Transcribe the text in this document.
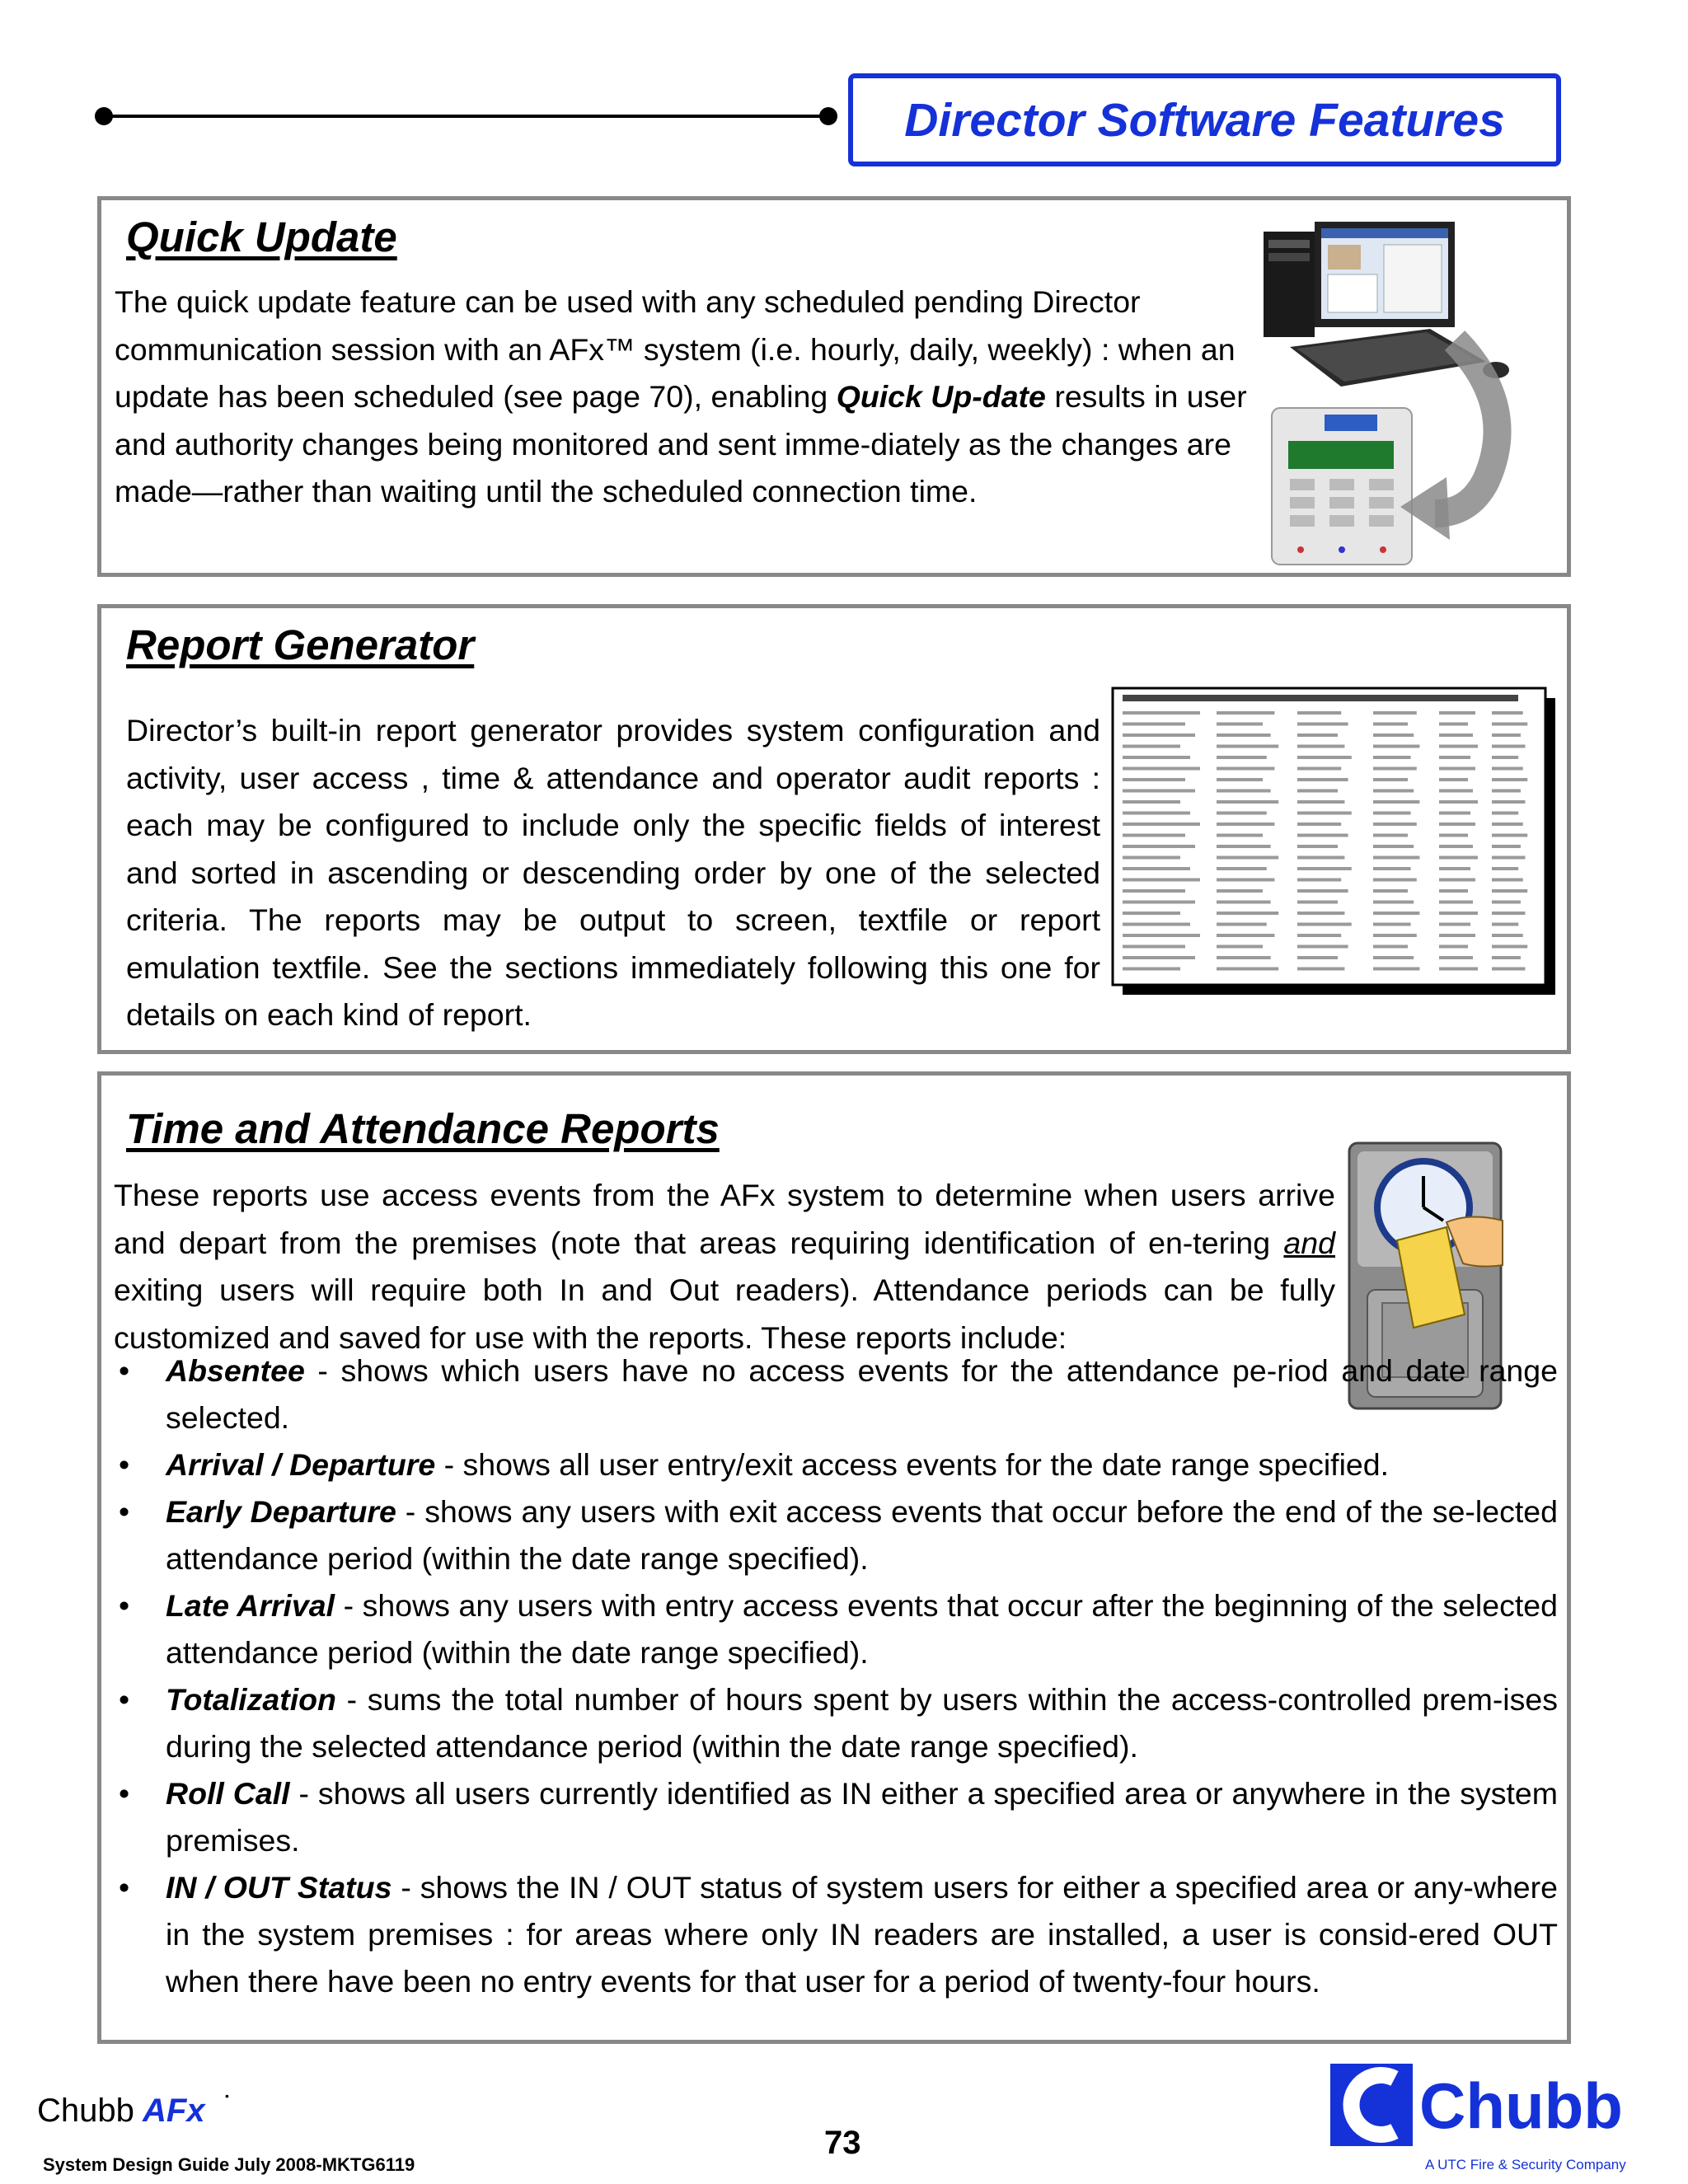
Director Software Features
Quick Update
The quick update feature can be used with any scheduled pending Director communication session with an AFx™ system (i.e. hourly, daily, weekly) : when an update has been scheduled (see page 70), enabling Quick Up-date results in user and authority changes being monitored and sent imme-diately as the changes are made—rather than waiting until the scheduled connection time.
Report Generator
Director’s built-in report generator provides system configuration and activity, user access , time & attendance and operator audit reports : each may be configured to include only the specific fields of interest and sorted in ascending or descending order by one of the selected criteria. The reports may be output to screen, textfile or report emulation textfile. See the sections immediately following this one for details on each kind of report.
Time and Attendance Reports
These reports use access events from the AFx system to determine when users arrive and depart from the premises (note that areas requiring identification of en-tering and exiting users will require both In and Out readers). Attendance periods can be fully customized and saved for use with the reports. These reports include:
• Absentee - shows which users have no access events for the attendance pe-riod and date range selected.
• Arrival / Departure - shows all user entry/exit access events for the date range specified.
• Early Departure - shows any users with exit access events that occur before the end of the se-lected attendance period (within the date range specified).
• Late Arrival - shows any users with entry access events that occur after the beginning of the selected attendance period (within the date range specified).
• Totalization - sums the total number of hours spent by users within the access-controlled prem-ises during the selected attendance period (within the date range specified).
• Roll Call - shows all users currently identified as IN either a specified area or anywhere in the system premises.
• IN / OUT Status - shows the IN / OUT status of system users for either a specified area or any-where in the system premises : for areas where only IN readers are installed, a user is consid-ered OUT when there have been no entry events for that user for a period of twenty-four hours.
Chubb AFx •
System Design Guide July 2008-MKTG6119
73
Chubb
A UTC Fire & Security Company
